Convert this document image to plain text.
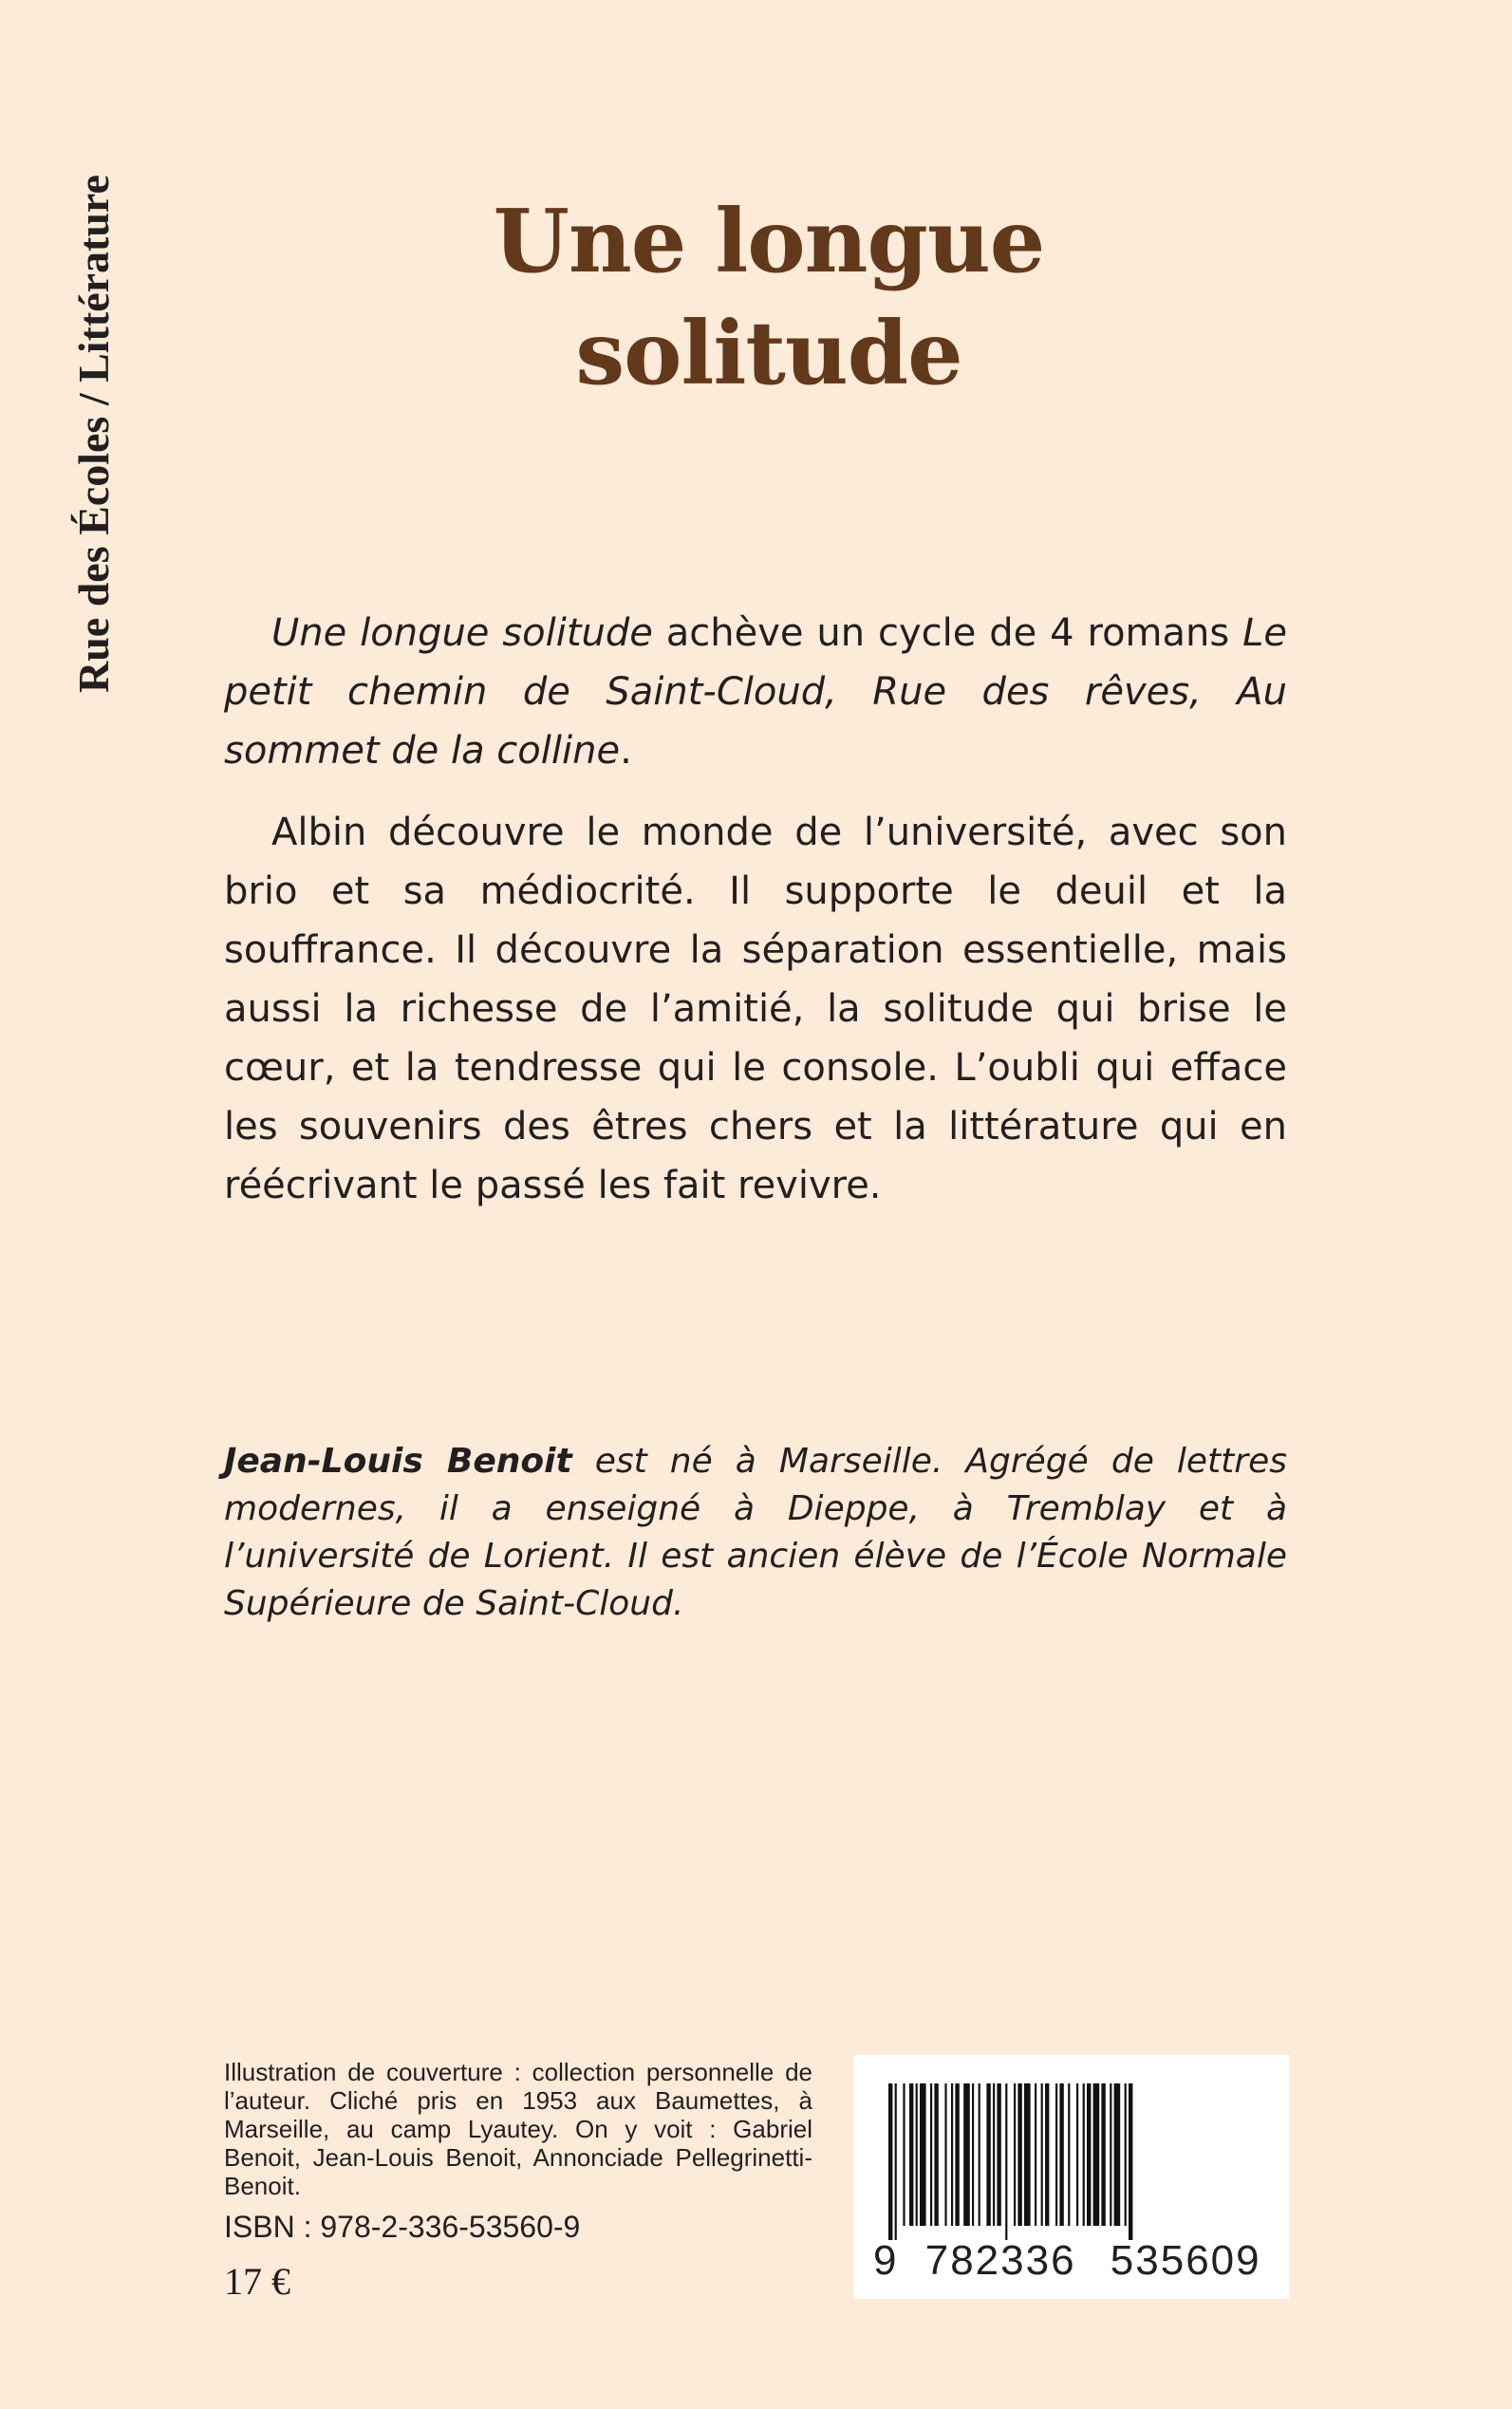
Rue des Écoles / Littérature	Une longue
solitude

Une longue solitude achève un cycle de 4 romans Le petit chemin de Saint-Cloud, Rue des rêves, Au sommet de la colline.

Albin découvre le monde de l’université, avec son brio et sa médiocrité. Il supporte le deuil et la souffrance. Il découvre la séparation essentielle, mais aussi la richesse de l’amitié, la solitude qui brise le cœur, et la tendresse qui le console. L’oubli qui efface les souvenirs des êtres chers et la littérature qui en réécrivant le passé les fait revivre.

Jean-Louis Benoit est né à Marseille. Agrégé de lettres modernes, il a enseigné à Dieppe, à Tremblay et à l’université de Lorient. Il est ancien élève de l’École Normale Supérieure de Saint-Cloud.
Illustration de couverture : collection personnelle de l’auteur. Cliché pris en 1953 aux Baumettes, à Marseille, au camp Lyautey. On y voit : Gabriel Benoit, Jean-Louis Benoit, Annonciade Pellegrinetti-Benoit.
ISBN : 978-2-336-53560-9
17 €	9 782336 535609
